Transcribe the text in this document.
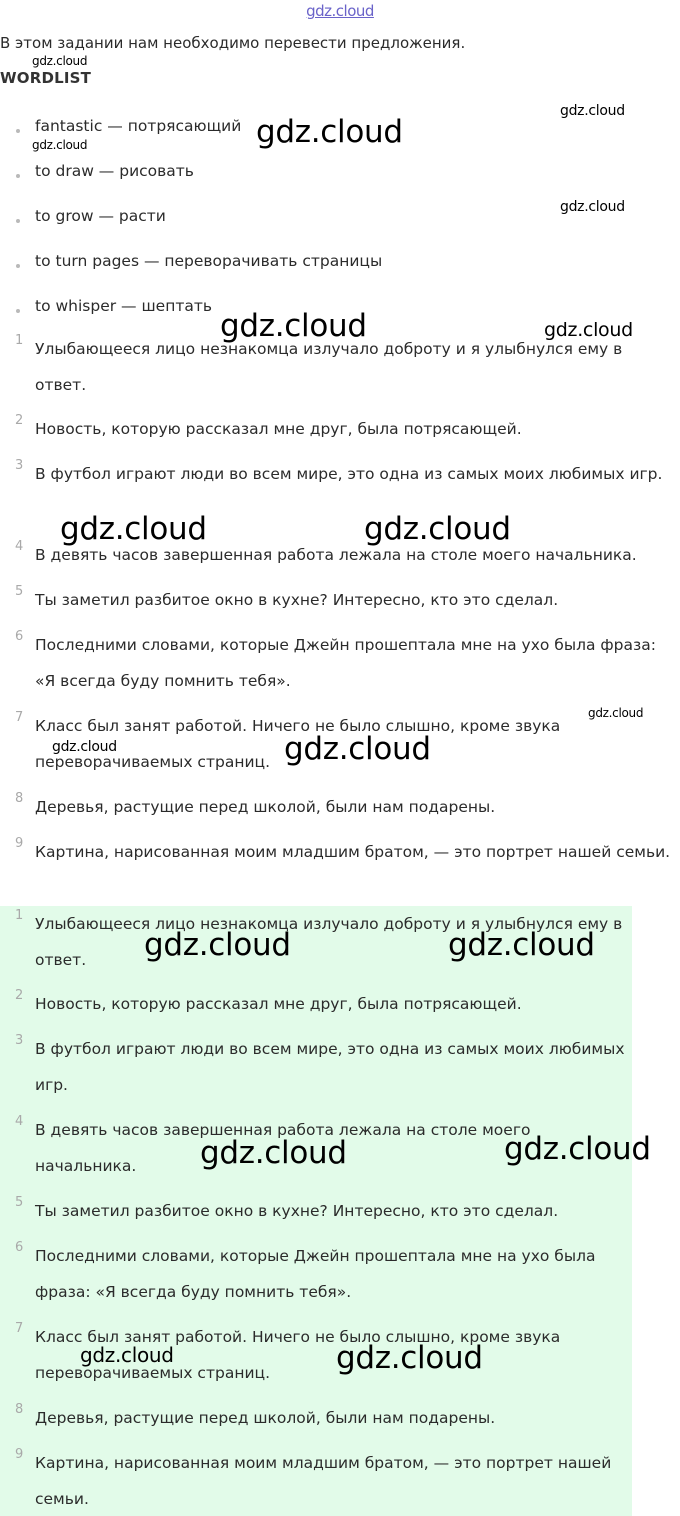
gdz.cloud

В этом задании нам необходимо перевести предложения.

WORDLIST
fantastic — потрясающий
to draw — рисовать
to grow — расти
to turn pages — переворачивать страницы
to whisper — шептать
1 Улыбающееся лицо незнакомца излучало доброту и я улыбнулся ему в ответ.
2 Новость, которую рассказал мне друг, была потрясающей.
3 В футбол играют люди во всем мире, это одна из самых моих любимых игр.
4 В девять часов завершенная работа лежала на столе моего начальника.
5 Ты заметил разбитое окно в кухне? Интересно, кто это сделал.
6 Последними словами, которые Джейн прошептала мне на ухо была фраза: «Я всегда буду помнить тебя».
7 Класс был занят работой. Ничего не было слышно, кроме звука переворачиваемых страниц.
8 Деревья, растущие перед школой, были нам подарены.
9 Картина, нарисованная моим младшим братом, — это портрет нашей семьи.
1 Улыбающееся лицо незнакомца излучало доброту и я улыбнулся ему в ответ.
2 Новость, которую рассказал мне друг, была потрясающей.
3 В футбол играют люди во всем мире, это одна из самых моих любимых игр.
4 В девять часов завершенная работа лежала на столе моего начальника.
5 Ты заметил разбитое окно в кухне? Интересно, кто это сделал.
6 Последними словами, которые Джейн прошептала мне на ухо была фраза: «Я всегда буду помнить тебя».
7 Класс был занят работой. Ничего не было слышно, кроме звука переворачиваемых страниц.
8 Деревья, растущие перед школой, были нам подарены.
9 Картина, нарисованная моим младшим братом, — это портрет нашей семьи.
gdz.cloud
gdz.cloud
gdz.cloud
gdz.cloud
gdz.cloud
gdz.cloud	gdz.cloud
gdz.cloud	gdz.cloud
gdz.cloud
gdz.cloud	gdz.cloud
gdz.cloud	gdz.cloud
gdz.cloud	gdz.cloud
gdz.cloud	gdz.cloud
